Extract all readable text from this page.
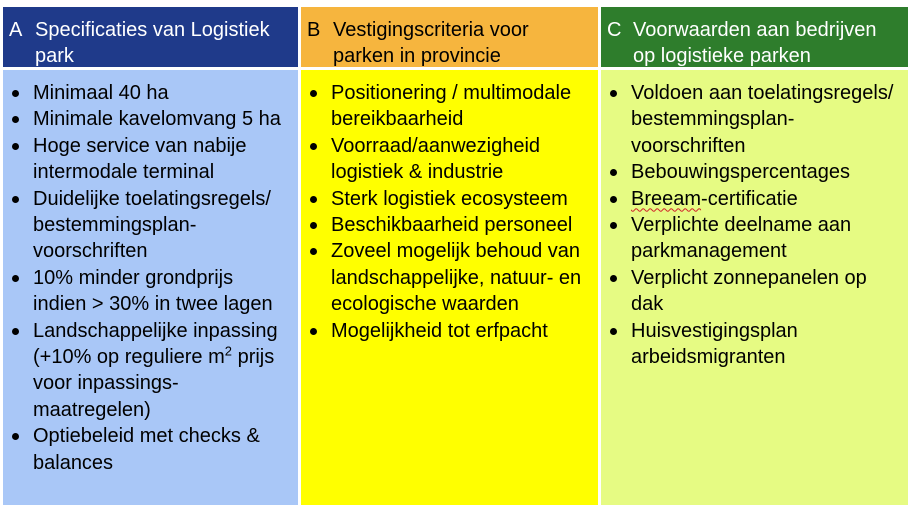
A Specificaties van Logistiek park
B Vestigingscriteria voor parken in provincie
C Voorwaarden aan bedrijven op logistieke parken
Minimaal 40 ha
Minimale kavelomvang 5 ha
Hoge service van nabije intermodale terminal
Duidelijke toelatingsregels/ bestemmingsplan-voorschriften
10% minder grondprijs indien > 30% in twee lagen
Landschappelijke inpassing (+10% op reguliere $m^2$ prijs voor inpassings-maatregelen)
Optiebeleid met checks & balances
Positionering / multimodale bereikbaarheid
Voorraad/aanwezigheid logistiek & industrie
Sterk logistiek ecosysteem
Beschikbaarheid personeel
Zoveel mogelijk behoud van landschappelijke, natuur- en ecologische waarden
Mogelijkheid tot erfpacht
Voldoen aan toelatingsregels/ bestemmingsplan-voorschriften
Bebouwingspercentages
Breeam-certificatie
Verplichte deelname aan parkmanagement
Verplicht zonnepanelen op dak
Huisvestigingsplan arbeidsmigranten
